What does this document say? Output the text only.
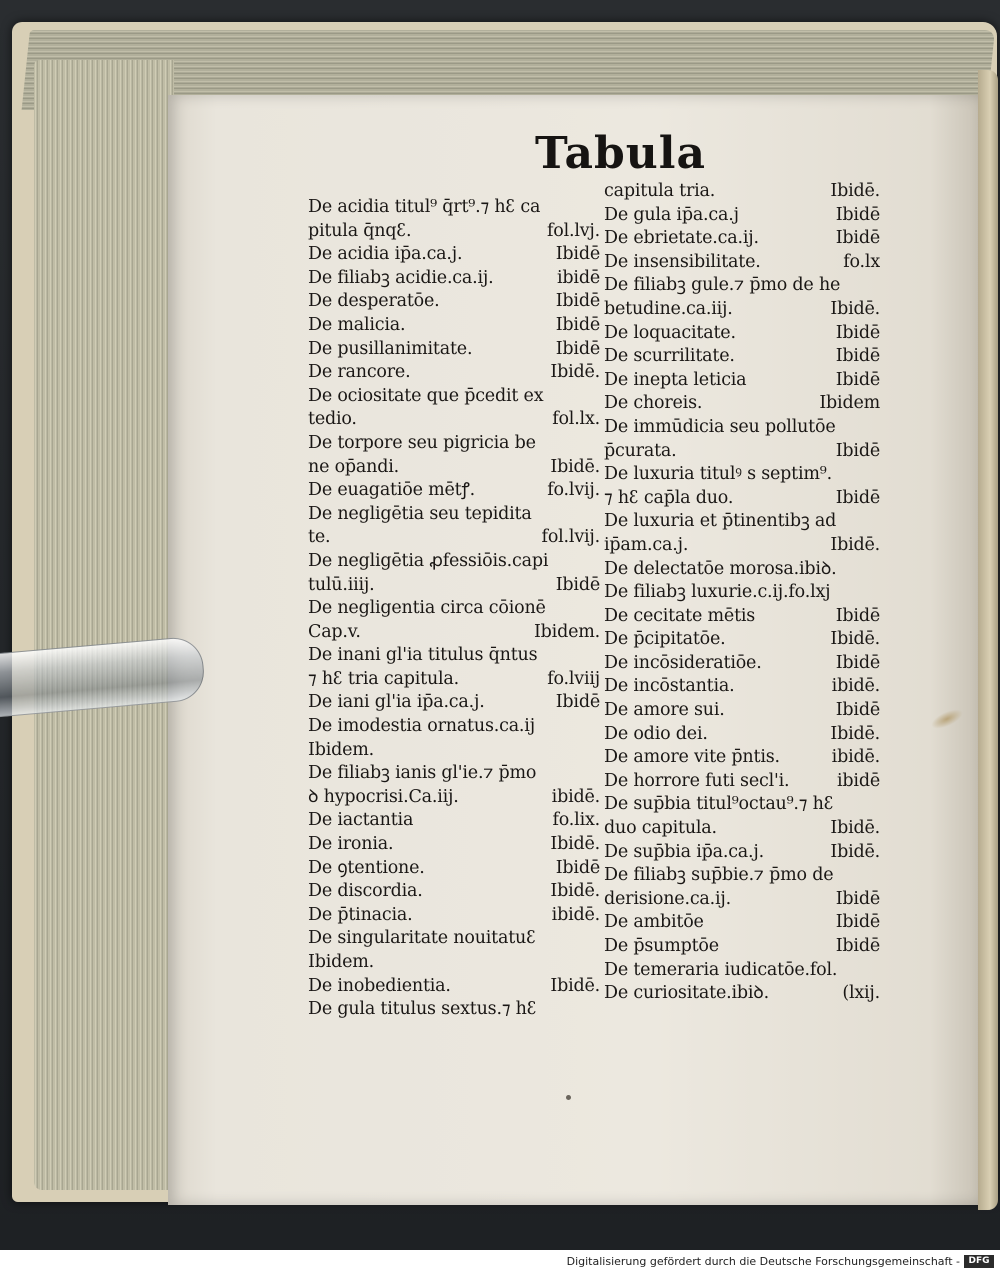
Tabula
De acidia titul⁹ q̄rt⁹.⁊ hꜫ ca
pitula q̄nqꜫ.	fol.lvj.
De acidia ip̄a.ca.j.	Ibidē
De filiabꝫ acidie.ca.ij.	ibidē
De desperatōe.	Ibidē
De malicia.	Ibidē
De pusillanimitate.	Ibidē
De rancore.	Ibidē.
De ociositate que p̄cedit ex
tedio.	fol.lx.
De torpore seu pigricia be
ne op̄andi.	Ibidē.
De euagatiōe mētꝭ.	fo.lvij.
De negligētia seu tepidita
te.	fol.lvij.
De negligētia ꝓfessiōis.capi
tulū.iiij.	Ibidē
De negligentia circa cōionē
Cap.v.	Ibidem.
De inani gl'ia titulus q̄ntus
⁊ hꜫ tria capitula.	fo.lviij
De iani gl'ia ip̄a.ca.j.	Ibidē
De imodestia ornatus.ca.ij
Ibidem.
De filiabꝫ ianis gl'ie.⁊ p̄mo
ꝺ hypocrisi.Ca.iij.	ibidē.
De iactantia	fo.lix.
De ironia.	Ibidē.
De ꝯtentione.	Ibidē
De discordia.	Ibidē.
De p̄tinacia.	ibidē.
De singularitate nouitatuꜫ
Ibidem.
De inobedientia.	Ibidē.
De gula titulus sextus.⁊ hꜫ
capitula tria.	Ibidē.
De gula ip̄a.ca.j	Ibidē
De ebrietate.ca.ij.	Ibidē
De insensibilitate.	fo.lx
De filiabꝫ gule.⁊ p̄mo de he
betudine.ca.iij.	Ibidē.
De loquacitate.	Ibidē
De scurrilitate.	Ibidē
De inepta leticia	Ibidē
De choreis.	Ibidem
De immūdicia seu pollutōe
p̄curata.	Ibidē
De luxuria titulꝰ s septim⁹.
⁊ hꜫ cap̄la duo.	Ibidē
De luxuria et p̄tinentibꝫ ad
ip̄am.ca.j.	Ibidē.
De delectatōe morosa.ibiꝺ.
De filiabꝫ luxurie.c.ij.fo.lxj
De cecitate mētis	Ibidē
De p̄cipitatōe.	Ibidē.
De incōsideratiōe.	Ibidē
De incōstantia.	ibidē.
De amore sui.	Ibidē
De odio dei.	Ibidē.
De amore vite p̄ntis.	ibidē.
De horrore futi secl'i.	ibidē
De sup̄bia titul⁹octau⁹.⁊ hꜫ
duo capitula.	Ibidē.
De sup̄bia ip̄a.ca.j.	Ibidē.
De filiabꝫ sup̄bie.⁊ p̄mo de
derisione.ca.ij.	Ibidē
De ambitōe	Ibidē
De p̄sumptōe	Ibidē
De temeraria iudicatōe.fol.
De curiositate.ibiꝺ.	(lxij.
Digitalisierung gefördert durch die Deutsche Forschungsgemeinschaft - DFG
